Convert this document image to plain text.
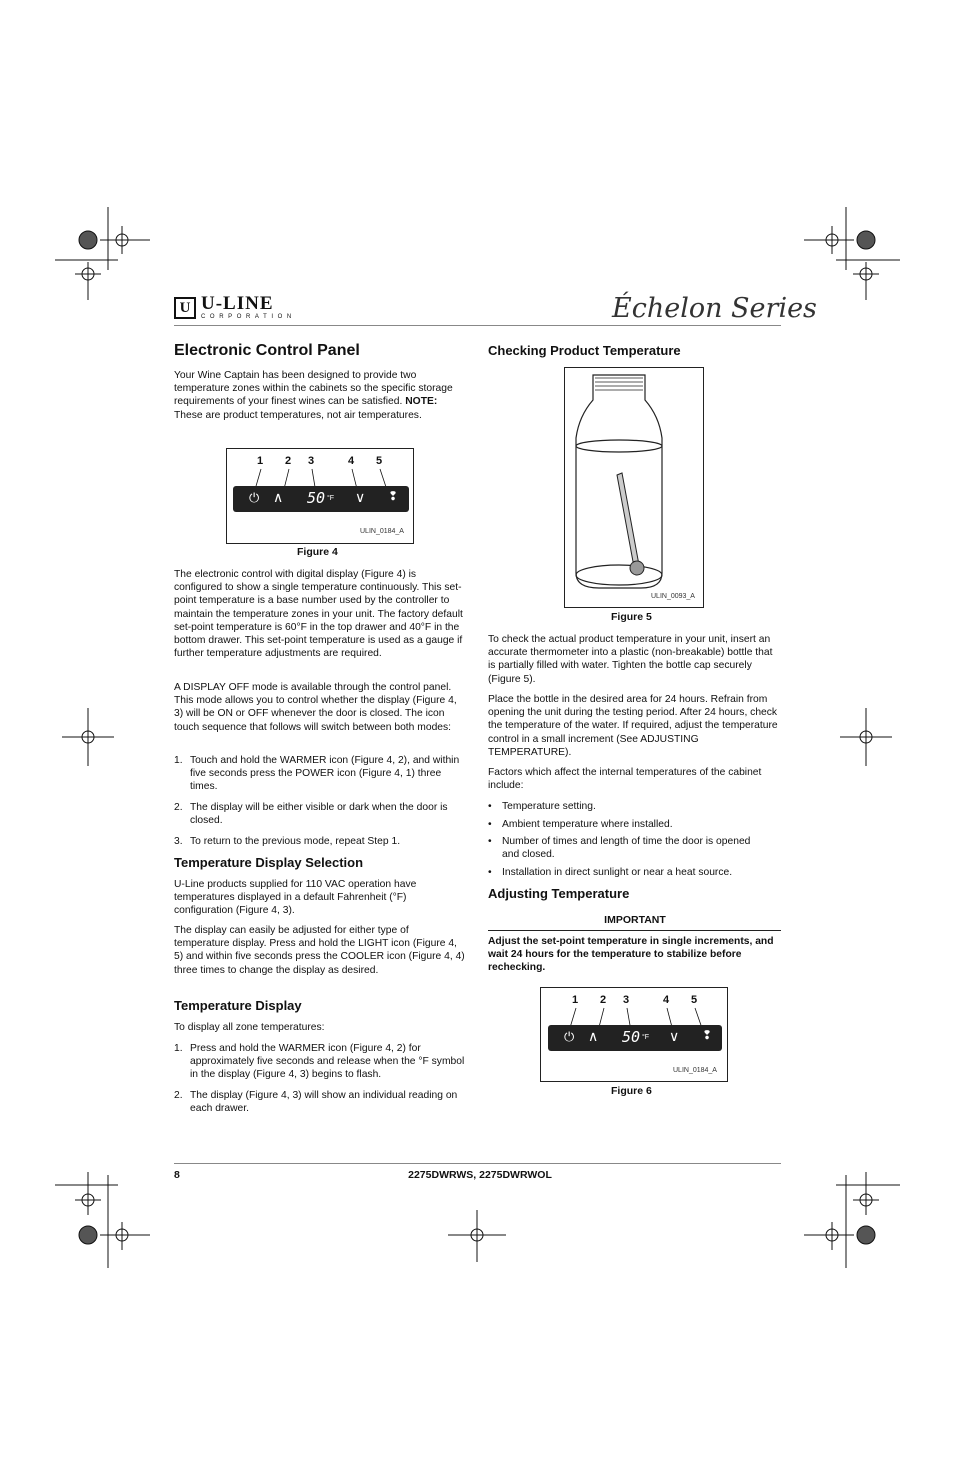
U U-LINE
CORPORATION	Échelon Series
Electronic Control Panel
Your Wine Captain has been designed to provide two temperature zones within the cabinets so the specific storage requirements of your finest wines can be satisfied. NOTE: These are product temperatures, not air temperatures.
1 2 3	4 5
⏻ ∧ 50 °F ∨ ❢
ULIN_0184_A
Figure 4
The electronic control with digital display (Figure 4) is configured to show a single temperature continuously. This set-point temperature is a base number used by the controller to maintain the temperature zones in your unit. The factory default set-point temperature is 60°F in the top drawer and 40°F in the bottom drawer. This set-point temperature is used as a gauge if further temperature adjustments are required.
A DISPLAY OFF mode is available through the control panel. This mode allows you to control whether the display (Figure 4, 3) will be ON or OFF whenever the door is closed. The icon touch sequence that follows will switch between both modes:
1. Touch and hold the WARMER icon (Figure 4, 2), and within five seconds press the POWER icon (Figure 4, 1) three times.
2. The display will be either visible or dark when the door is closed.
3. To return to the previous mode, repeat Step 1.
Temperature Display Selection
U-Line products supplied for 110 VAC operation have temperatures displayed in a default Fahrenheit (°F) configuration (Figure 4, 3).
The display can easily be adjusted for either type of temperature display. Press and hold the LIGHT icon (Figure 4, 5) and within five seconds press the COOLER icon (Figure 4, 4) three times to change the display as desired.
Temperature Display
To display all zone temperatures:
1. Press and hold the WARMER icon (Figure 4, 2) for approximately five seconds and release when the °F symbol in the display (Figure 4, 3) begins to flash.
2. The display (Figure 4, 3) will show an individual reading on each drawer.
Checking Product Temperature
ULIN_0093_A
Figure 5
To check the actual product temperature in your unit, insert an accurate thermometer into a plastic (non-breakable) bottle that is partially filled with water. Tighten the bottle cap securely (Figure 5).
Place the bottle in the desired area for 24 hours. Refrain from opening the unit during the testing period. After 24 hours, check the temperature of the water. If required, adjust the temperature control in a small increment (See ADJUSTING TEMPERATURE).
Factors which affect the internal temperatures of the cabinet include:
• Temperature setting.
• Ambient temperature where installed.
• Number of times and length of time the door is opened and closed.
• Installation in direct sunlight or near a heat source.
Adjusting Temperature
IMPORTANT
Adjust the set-point temperature in single increments, and wait 24 hours for the temperature to stabilize before rechecking.
1 2 3	4 5
⏻ ∧ 50 °F ∨ ❢
ULIN_0184_A
Figure 6
8	2275DWRWS, 2275DWRWOL
